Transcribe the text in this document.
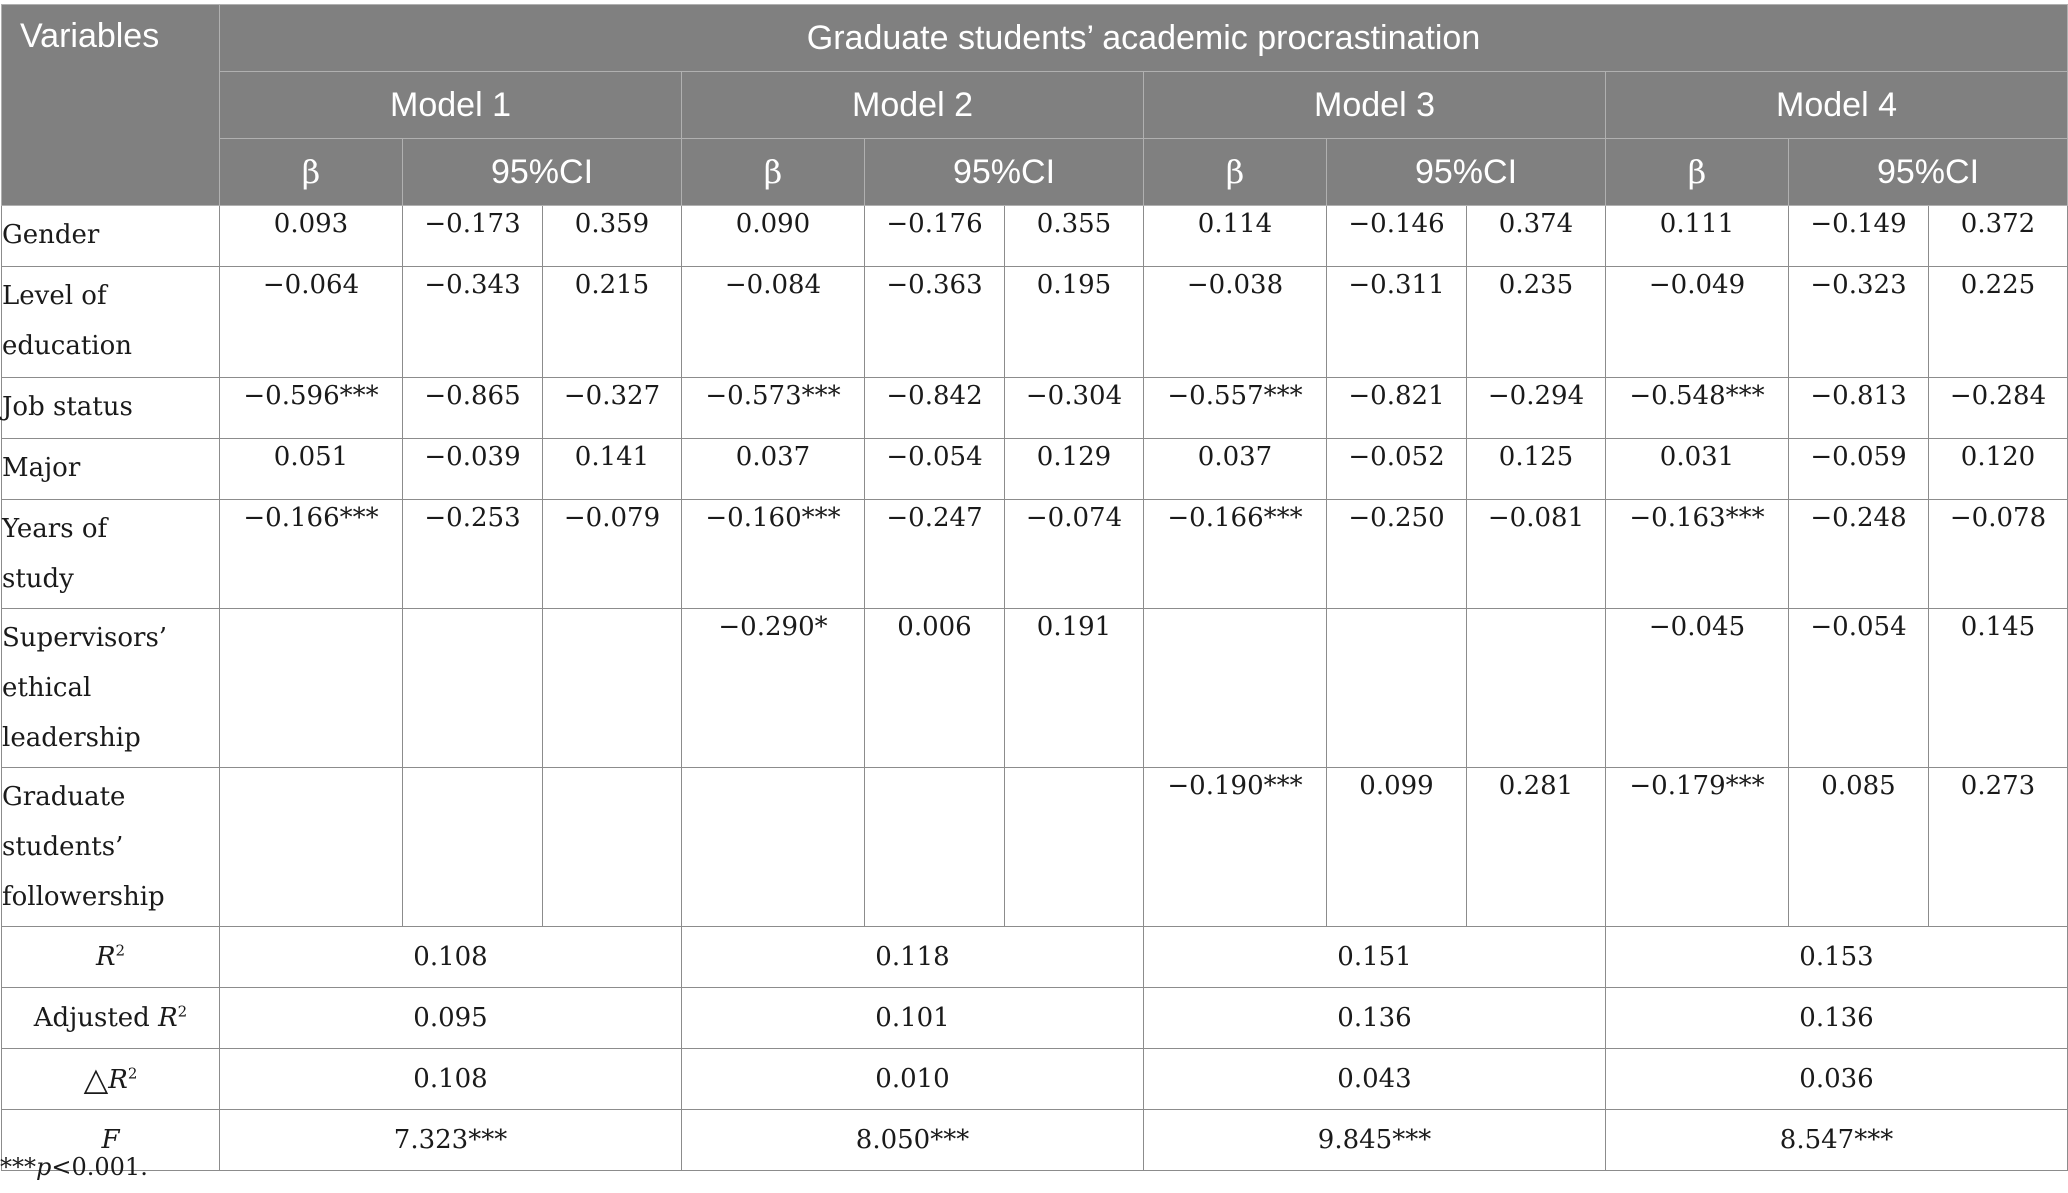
Variables	Graduate students’ academic procrastination											
	Model 1			Model 2			Model 3			Model 4		
	β	95%CI		β	95%CI		β	95%CI		β	95%CI	

Gender	0.093	−0.173	0.359	0.090	−0.176	0.355	0.114	−0.146	0.374	0.111	−0.149	0.372

Level of education	−0.064	−0.343	0.215	−0.084	−0.363	0.195	−0.038	−0.311	0.235	−0.049	−0.323	0.225

Job status	−0.596***	−0.865	−0.327	−0.573***	−0.842	−0.304	−0.557***	−0.821	−0.294	−0.548***	−0.813	−0.284

Major	0.051	−0.039	0.141	0.037	−0.054	0.129	0.037	−0.052	0.125	0.031	−0.059	0.120

Years of study	−0.166***	−0.253	−0.079	−0.160***	−0.247	−0.074	−0.166***	−0.250	−0.081	−0.163***	−0.248	−0.078

Supervisors’ ethical leadership				−0.290*	0.006	0.191				−0.045	−0.054	0.145

Graduate students’ followership							−0.190***	0.099	0.281	−0.179***	0.085	0.273
$R^2$	0.108			0.118			0.151			0.153		
Adjusted $R^2$	0.095			0.101			0.136			0.136		
$\triangle R^2$	0.108			0.010			0.043			0.036		
F	7.323***			8.050***			9.845***			8.547***		
***p<0.001.
